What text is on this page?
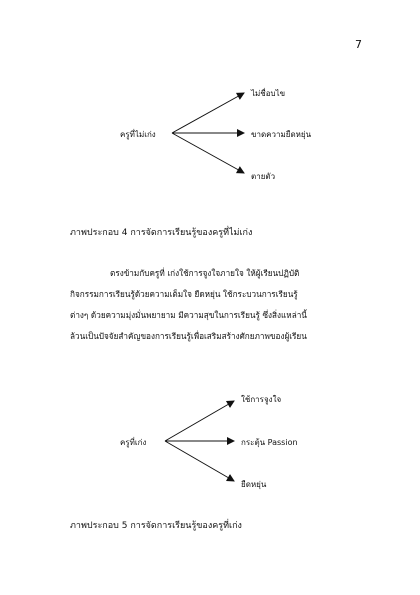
7
ครูที่ไม่เก่ง
ไม่ชื่อบไข
ขาดความยืดหยุ่น
ตายตัว
ภาพประกอบ 4 การจัดการเรียนรู้ของครูที่ไม่เก่ง

ตรงข้ามกับครูที่ เก่งใช้การจูงใจภายใจ ให้ผู้เรียนปฏิบัติ

กิจกรรมการเรียนรู้ด้วยความเต็มใจ ยืดหยุ่น ใช้กระบวนการเรียนรู้

ต่างๆ ด้วยความมุ่งมั่นพยายาม มีความสุขในการเรียนรู้ ซึ่งสิ่งแหล่านี้

ล้วนเป็นปัจจัยสำคัญของการเรียนรู้เพื่อเสริมสร้างศักยภาพของผู้เรียน

ครูที่เก่ง
ใช้การจูงใจ
กระตุ้น Passion
ยืดหยุ่น
ภาพประกอบ 5 การจัดการเรียนรู้ของครูที่เก่ง
